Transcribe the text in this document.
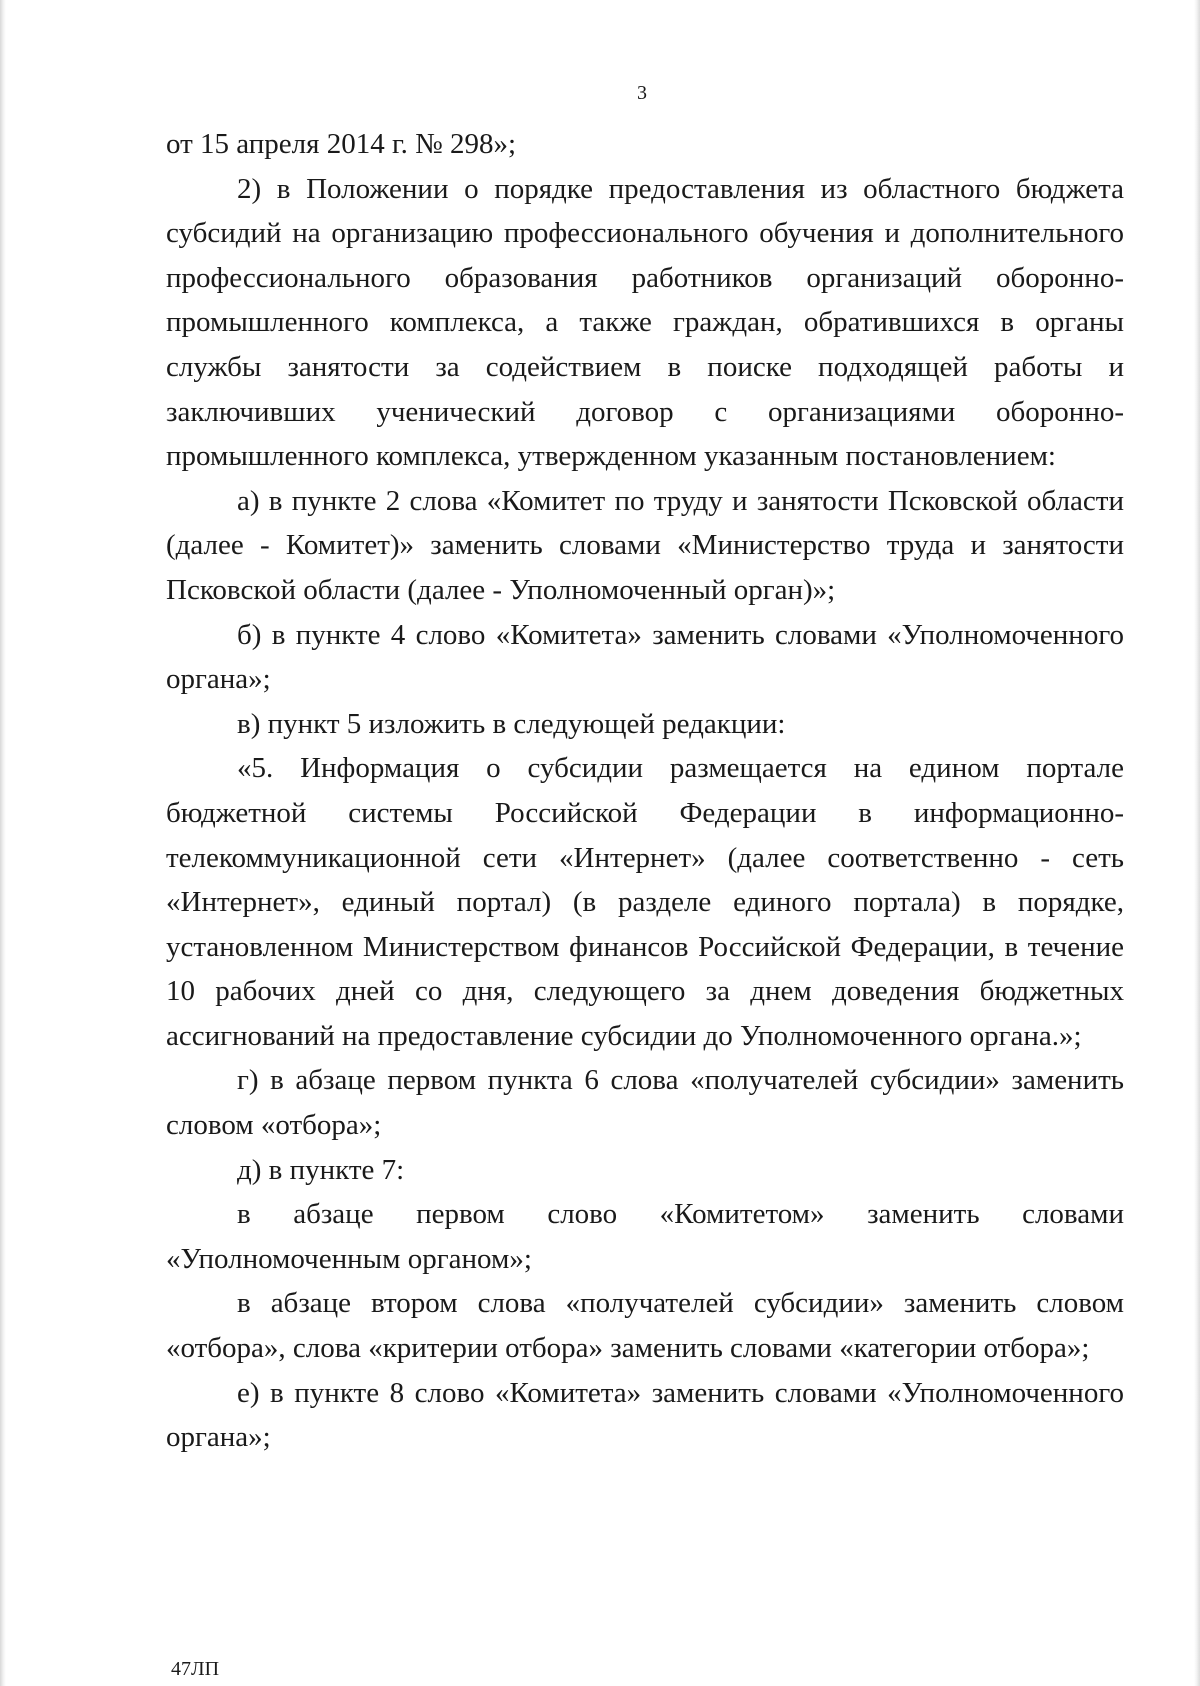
3

от 15 апреля 2014 г. № 298»;

2) в Положении о порядке предоставления из областного бюджета субсидий на организацию профессионального обучения и дополнительного профессионального образования работников организаций оборонно-промышленного комплекса, а также граждан, обратившихся в органы службы занятости за содействием в поиске подходящей работы и заключивших ученический договор с организациями оборонно-промышленного комплекса, утвержденном указанным постановлением:

а) в пункте 2 слова «Комитет по труду и занятости Псковской области (далее - Комитет)» заменить словами «Министерство труда и занятости Псковской области (далее - Уполномоченный орган)»;

б) в пункте 4 слово «Комитета» заменить словами «Уполномоченного органа»;

в) пункт 5 изложить в следующей редакции:

«5. Информация о субсидии размещается на едином портале бюджетной системы Российской Федерации в информационно-телекоммуникационной сети «Интернет» (далее соответственно - сеть «Интернет», единый портал) (в разделе единого портала) в порядке, установленном Министерством финансов Российской Федерации, в течение 10 рабочих дней со дня, следующего за днем доведения бюджетных ассигнований на предоставление субсидии до Уполномоченного органа.»;

г) в абзаце первом пункта 6 слова «получателей субсидии» заменить словом «отбора»;

д) в пункте 7:

в абзаце первом слово «Комитетом» заменить словами «Уполномоченным органом»;

в абзаце втором слова «получателей субсидии» заменить словом «отбора», слова «критерии отбора» заменить словами «категории отбора»;

е) в пункте 8 слово «Комитета» заменить словами «Уполномоченного органа»;

47ЛП
